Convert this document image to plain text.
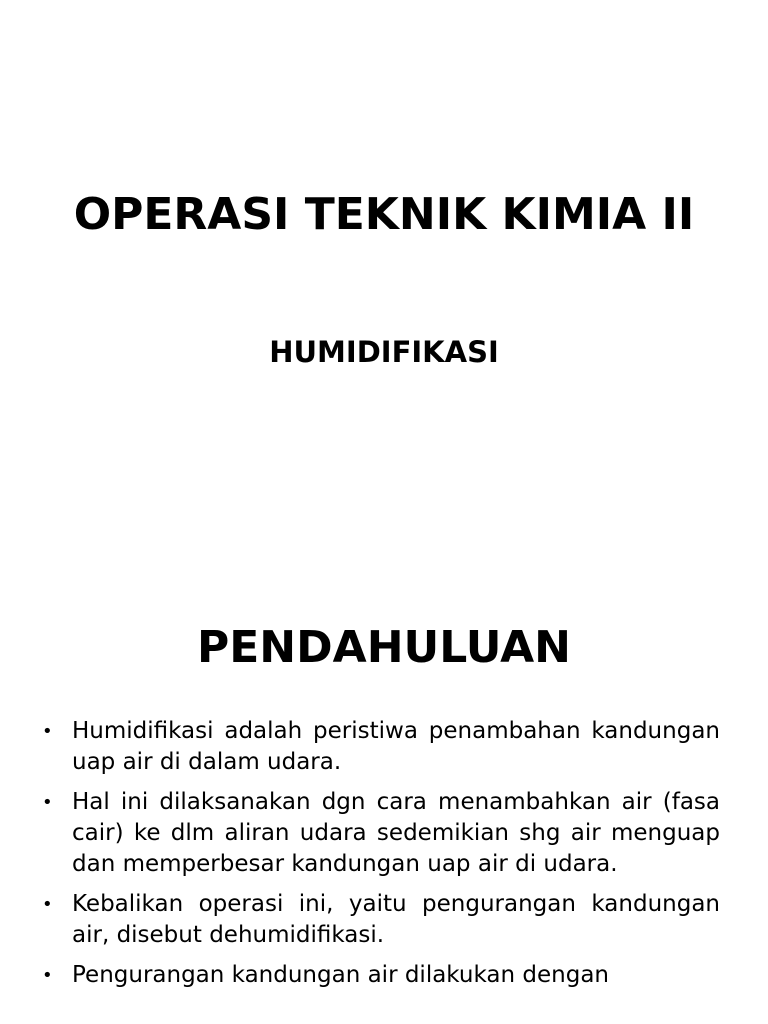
OPERASI TEKNIK KIMIA II
HUMIDIFIKASI
PENDAHULUAN
• Humidifikasi adalah peristiwa penambahan kandungan uap air di dalam udara.
• Hal ini dilaksanakan dgn cara menambahkan air (fasa cair) ke dlm aliran udara sedemikian shg air menguap dan memperbesar kandungan uap air di udara.
• Kebalikan operasi ini, yaitu pengurangan kandungan air, disebut dehumidifikasi.
• Pengurangan kandungan air dilakukan dengan
